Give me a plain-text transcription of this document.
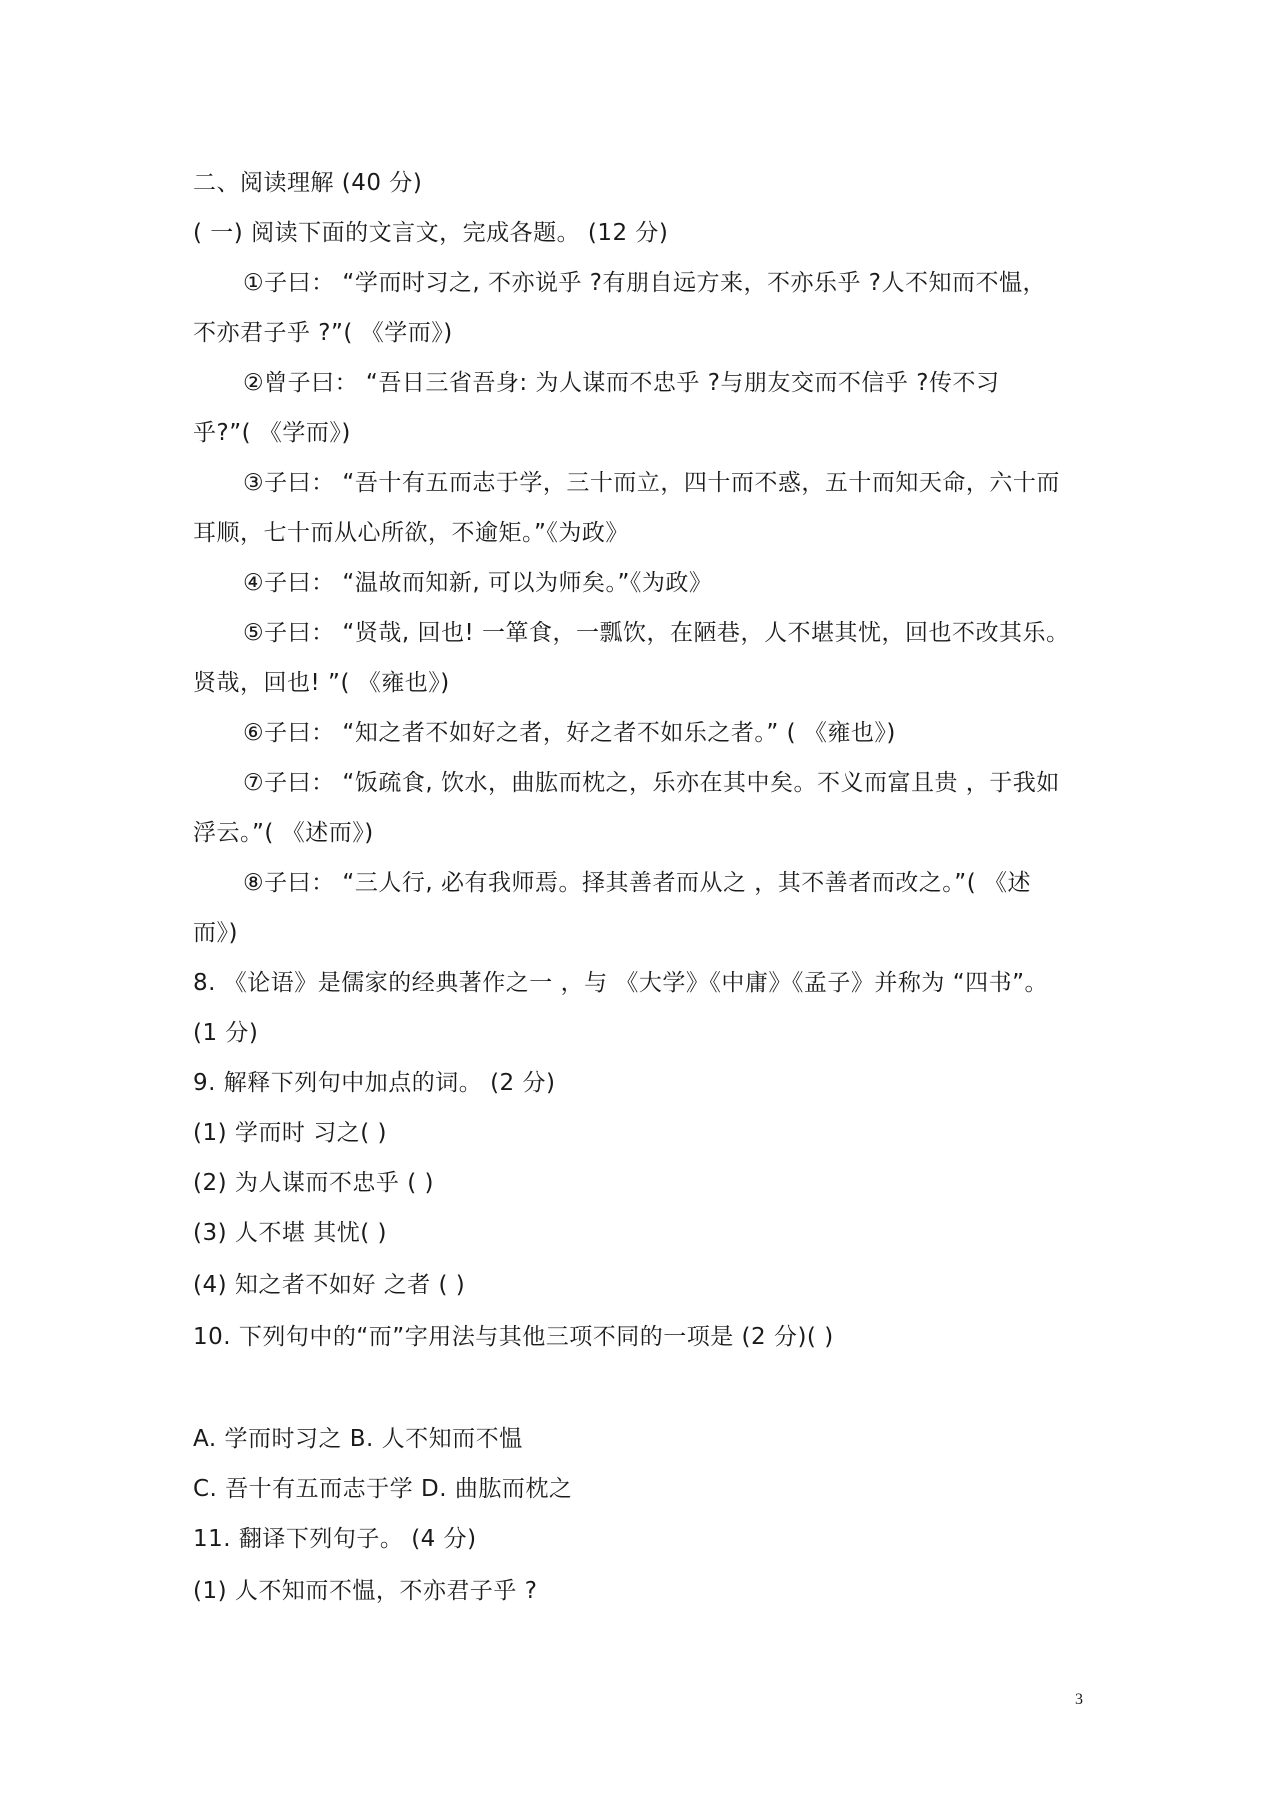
二、阅读理解 (40 分)
( 一) 阅读下面的文言文，完成各题。 (12 分)
①子曰： “学而时习之, 不亦说乎 ?有朋自远方来，不亦乐乎 ?人不知而不愠，
不亦君子乎 ?”( 《学而》)
②曾子曰： “吾日三省吾身: 为人谋而不忠乎 ?与朋友交而不信乎 ?传不习
乎?”( 《学而》)
③子曰： “吾十有五而志于学，三十而立，四十而不惑，五十而知天命，六十而
耳顺，七十而从心所欲，不逾矩。”《为政》
④子曰： “温故而知新, 可以为师矣。”《为政》
⑤子曰： “贤哉, 回也! 一箪食，一瓢饮，在陋巷，人不堪其忧，回也不改其乐。
贤哉，回也! ”( 《雍也》)
⑥子曰： “知之者不如好之者，好之者不如乐之者。” ( 《雍也》)
⑦子曰： “饭疏食, 饮水，曲肱而枕之，乐亦在其中矣。不义而富且贵 ，于我如
浮云。”( 《述而》)
⑧子曰： “三人行, 必有我师焉。择其善者而从之 ，其不善者而改之。”( 《述
而》)
8. 《论语》是儒家的经典著作之一 ，与 《大学》《中庸》《孟子》并称为 “四书”。
(1 分)
9. 解释下列句中加点的词。 (2 分)
(1) 学而时 习之( )
(2) 为人谋而不忠乎 ( )
(3) 人不堪 其忧( )
(4) 知之者不如好 之者 ( )
10. 下列句中的“而”字用法与其他三项不同的一项是 (2 分)( )
A. 学而时习之 B. 人不知而不愠
C. 吾十有五而志于学 D. 曲肱而枕之
11. 翻译下列句子。 (4 分)
(1) 人不知而不愠，不亦君子乎 ?
3
